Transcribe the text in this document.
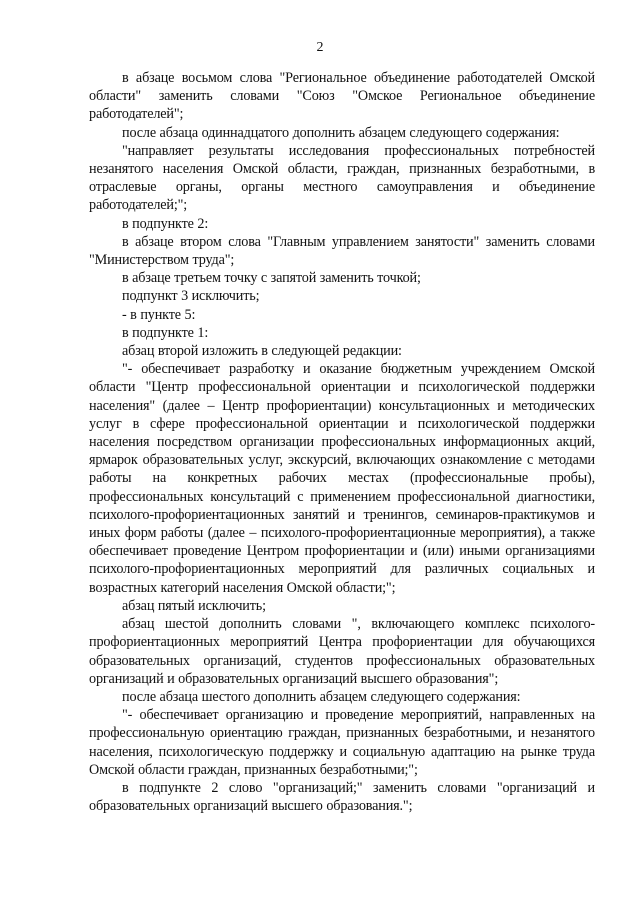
2

в абзаце восьмом слова "Региональное объединение работодателей Омской области" заменить словами "Союз "Омское Региональное объединение работодателей";

после абзаца одиннадцатого дополнить абзацем следующего содержания:

"направляет результаты исследования профессиональных потребностей незанятого населения Омской области, граждан, признанных безработными, в отраслевые органы, органы местного самоуправления и объединение работодателей;";

в подпункте 2:

в абзаце втором слова "Главным управлением занятости" заменить словами "Министерством труда";

в абзаце третьем точку с запятой заменить точкой;

подпункт 3 исключить;

- в пункте 5:

в подпункте 1:

абзац второй изложить в следующей редакции:

"- обеспечивает разработку и оказание бюджетным учреждением Омской области "Центр профессиональной ориентации и психологической поддержки населения" (далее – Центр профориентации) консультационных и методических услуг в сфере профессиональной ориентации и психологической поддержки населения посредством организации профессиональных информационных акций, ярмарок образовательных услуг, экскурсий, включающих ознакомление с методами работы на конкретных рабочих местах (профессиональные пробы), профессиональных консультаций с применением профессиональной диагностики, психолого-профориентационных занятий и тренингов, семинаров-практикумов и иных форм работы (далее – психолого-профориентационные мероприятия), а также обеспечивает проведение Центром профориентации и (или) иными организациями психолого-профориентационных мероприятий для различных социальных и возрастных категорий населения Омской области;";

абзац пятый исключить;

абзац шестой дополнить словами ", включающего комплекс психолого-профориентационных мероприятий Центра профориентации для обучающихся образовательных организаций, студентов профессиональных образовательных организаций и образовательных организаций высшего образования";

после абзаца шестого дополнить абзацем следующего содержания:

"- обеспечивает организацию и проведение мероприятий, направленных на профессиональную ориентацию граждан, признанных безработными, и незанятого населения, психологическую поддержку и социальную адаптацию на рынке труда Омской области граждан, признанных безработными;";

в подпункте 2 слово "организаций;" заменить словами "организаций и образовательных организаций высшего образования.";
